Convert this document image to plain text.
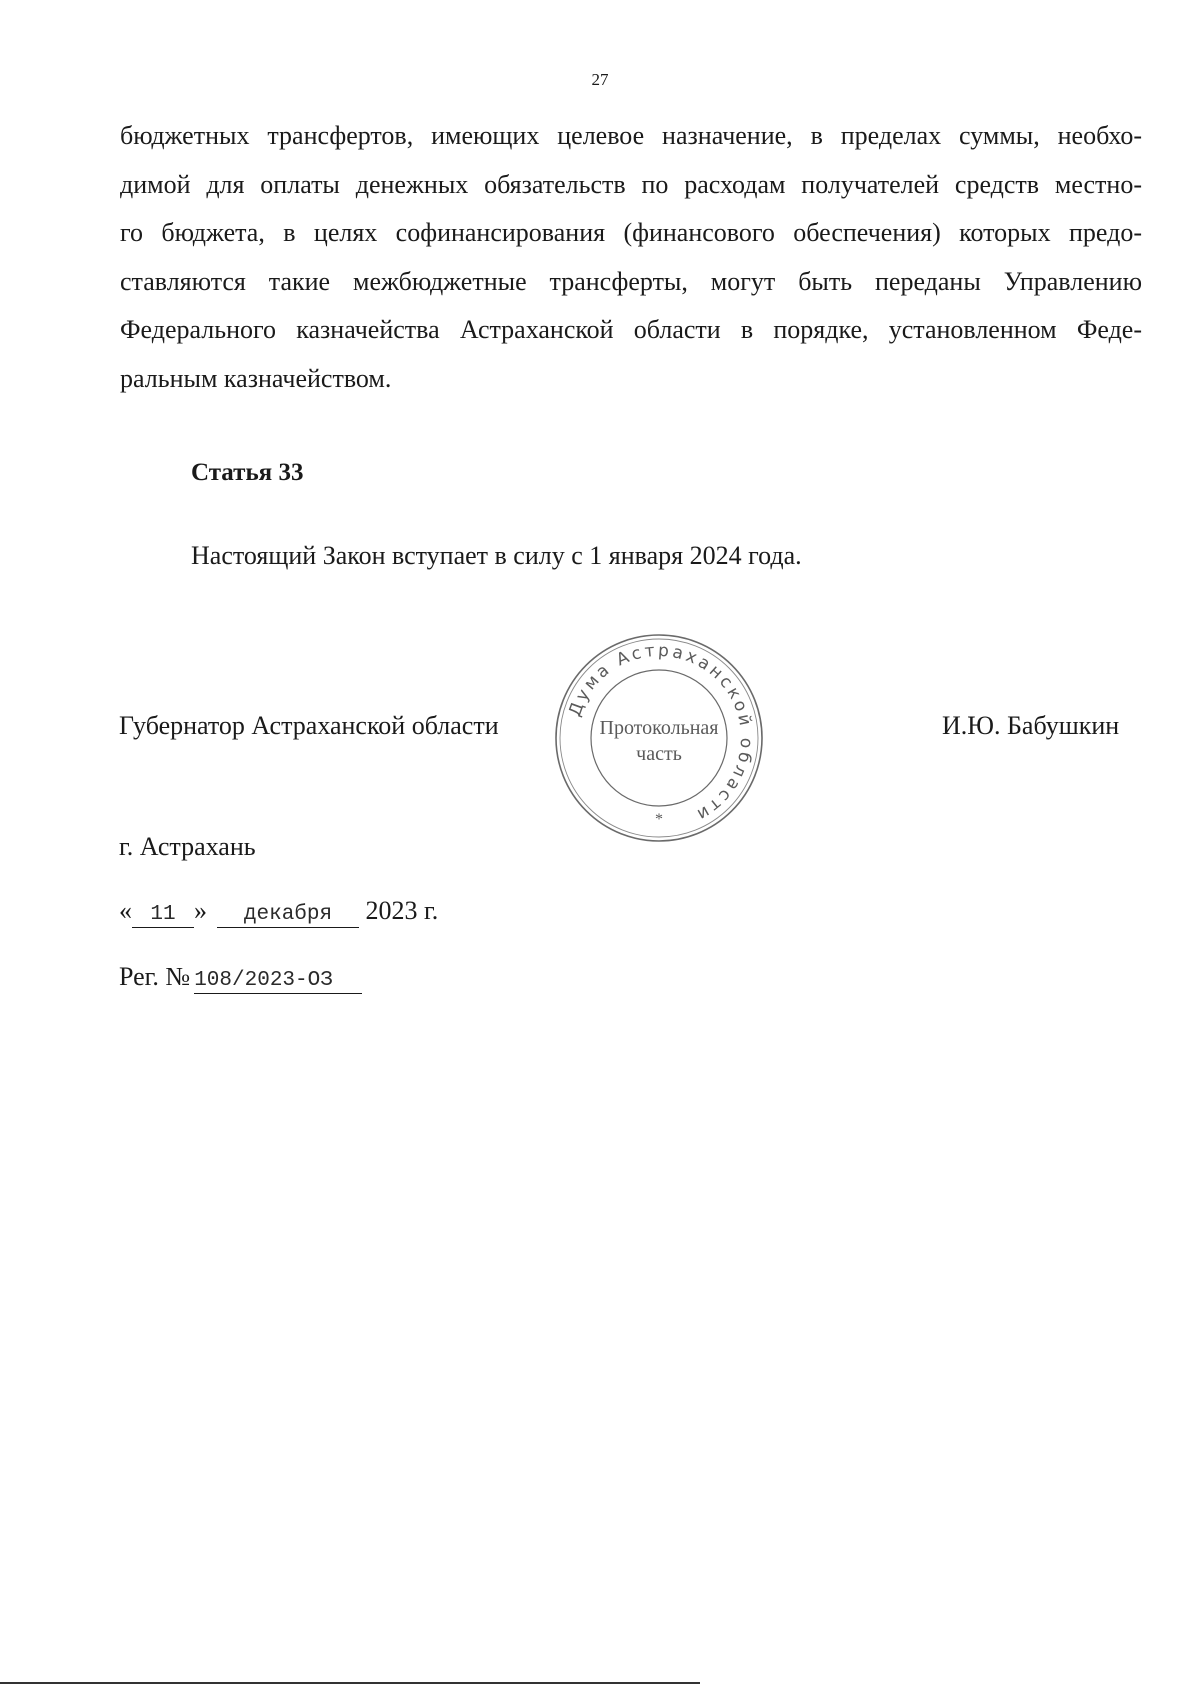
27
бюджетных трансфертов, имеющих целевое назначение, в пределах суммы, необхо-
димой для оплаты денежных обязательств по расходам получателей средств местно-
го бюджета, в целях софинансирования (финансового обеспечения) которых предо-
ставляются такие межбюджетные трансферты, могут быть переданы Управлению
Федерального казначейства Астраханской области в порядке, установленном Феде-
ральным казначейством.
Статья 33
Настоящий Закон вступает в силу с 1 января 2024 года.
Губернатор Астраханской области	И.Ю. Бабушкин
Дума Астраханской области
*
Протокольная
часть
г. Астрахань
« 11 » декабря 2023 г.
Рег. № 108/2023-ОЗ
